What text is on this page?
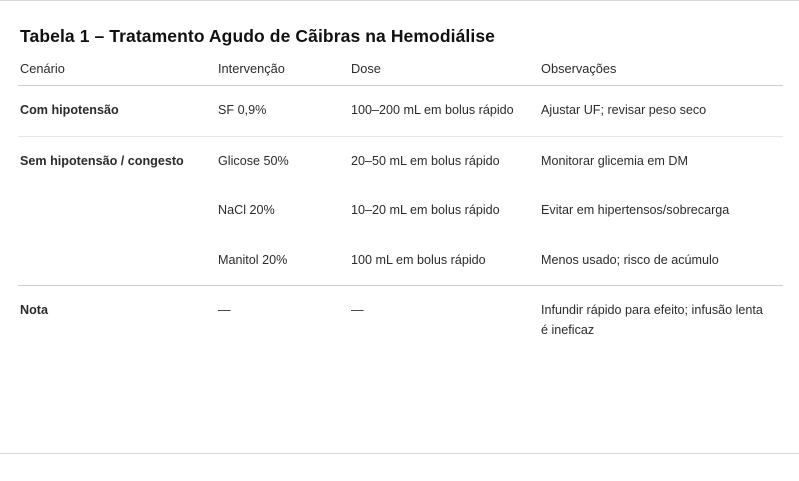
Tabela 1 – Tratamento Agudo de Cãibras na Hemodiálise
Cenário	Intervenção	Dose	Observações
Com hipotensão	SF 0,9%	100–200 mL em bolus rápido	Ajustar UF; revisar peso seco
Sem hipotensão / congesto	Glicose 50%	20–50 mL em bolus rápido	Monitorar glicemia em DM
	NaCl 20%	10–20 mL em bolus rápido	Evitar em hipertensos/sobrecarga
	Manitol 20%	100 mL em bolus rápido	Menos usado; risco de acúmulo
Nota	—	—	Infundir rápido para efeito; infusão lenta é ineficaz
